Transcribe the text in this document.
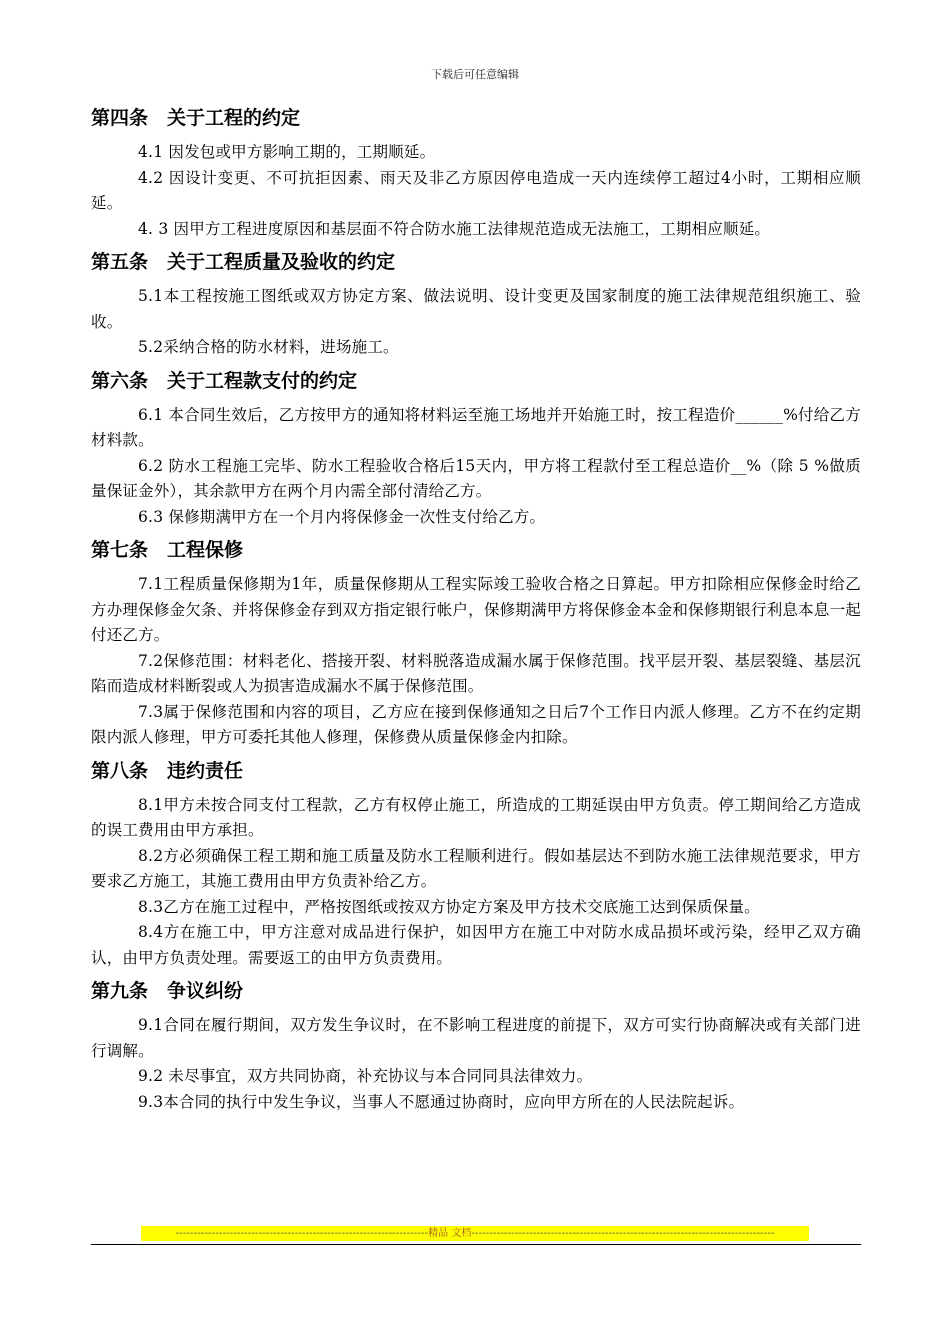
下载后可任意编辑
第四条　关于工程的约定

4.1 因发包或甲方影响工期的，工期顺延。

4.2 因设计变更、不可抗拒因素、雨天及非乙方原因停电造成一天内连续停工超过4小时，工期相应顺延。

4. 3 因甲方工程进度原因和基层面不符合防水施工法律规范造成无法施工，工期相应顺延。

第五条　关于工程质量及验收的约定

5.1本工程按施工图纸或双方协定方案、做法说明、设计变更及国家制度的施工法律规范组织施工、验收。

5.2采纳合格的防水材料，进场施工。

第六条　关于工程款支付的约定

6.1 本合同生效后，乙方按甲方的通知将材料运至施工场地并开始施工时，按工程造价______%付给乙方材料款。

6.2 防水工程施工完毕、防水工程验收合格后15天内，甲方将工程款付至工程总造价__%（除 5 %做质量保证金外），其余款甲方在两个月内需全部付清给乙方。

6.3 保修期满甲方在一个月内将保修金一次性支付给乙方。

第七条　工程保修

7.1工程质量保修期为1年，质量保修期从工程实际竣工验收合格之日算起。甲方扣除相应保修金时给乙方办理保修金欠条、并将保修金存到双方指定银行帐户，保修期满甲方将保修金本金和保修期银行利息本息一起付还乙方。

7.2保修范围：材料老化、搭接开裂、材料脱落造成漏水属于保修范围。找平层开裂、基层裂缝、基层沉陷而造成材料断裂或人为损害造成漏水不属于保修范围。

7.3属于保修范围和内容的项目，乙方应在接到保修通知之日后7个工作日内派人修理。乙方不在约定期限内派人修理，甲方可委托其他人修理，保修费从质量保修金内扣除。

第八条　违约责任

8.1甲方未按合同支付工程款，乙方有权停止施工，所造成的工期延误由甲方负责。停工期间给乙方造成的误工费用由甲方承担。

8.2方必须确保工程工期和施工质量及防水工程顺利进行。假如基层达不到防水施工法律规范要求，甲方要求乙方施工，其施工费用由甲方负责补给乙方。

8.3乙方在施工过程中，严格按图纸或按双方协定方案及甲方技术交底施工达到保质保量。

8.4方在施工中，甲方注意对成品进行保护，如因甲方在施工中对防水成品损坏或污染，经甲乙双方确认，由甲方负责处理。需要返工的由甲方负责费用。

第九条　争议纠纷

9.1合同在履行期间，双方发生争议时，在不影响工程进度的前提下，双方可实行协商解决或有关部门进行调解。

9.2 未尽事宜，双方共同协商，补充协议与本合同同具法律效力。

9.3本合同的执行中发生争议，当事人不愿通过协商时，应向甲方所在的人民法院起诉。

----------------------------------------------------------------------精品 文档------------------------------------------------------------------------------------
